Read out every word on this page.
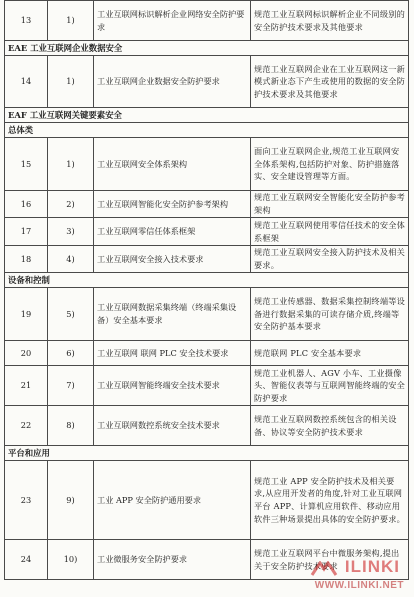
13	1)	工业互联网标识解析企业网络安全防护要求	规范工业互联网标识解析企业不同级别的安全防护技术要求及其他要求
EAE 工业互联网企业数据安全			
14	1)	工业互联网企业数据安全防护要求	规范工业互联网企业在工业互联网这一新模式新业态下产生或使用的数据的安全防护技术要求及其他要求
EAF 工业互联网关键要素安全			
总体类			
15	1)	工业互联网安全体系架构	面向工业互联网企业,规范工业互联网安全体系架构,包括防护对象、防护措施落实、安全建设管理等方面。
16	2)	工业互联网智能化安全防护参考架构	规范工业互联网安全智能化安全防护参考架构
17	3)	工业互联网零信任体系框架	规范工业互联网使用零信任技术的安全体系框架
18	4)	工业互联网安全接入技术要求	规范工业互联网安全接入防护技术及相关要求。
设备和控制			
19	5)	工业互联网数据采集终端（终端采集设备）安全基本要求	规范工业传感器、数据采集控制终端等设备进行数据采集的可读存储介质,终端等安全防护基本要求
20	6)	工业互联网 联网 PLC 安全技术要求	规范联网 PLC 安全基本要求
21	7)	工业互联网智能终端安全技术要求	规范工业机器人、AGV 小车、工业摄像头、智能仪表等与互联网智能终端的安全防护要求
22	8)	工业互联网数控系统安全技术要求	规范工业互联网数控系统包含的相关设备、协议等安全防护技术要求
平台和应用			
23	9)	工业 APP 安全防护通用要求	规范工业 APP 安全防护技术及相关要求,从应用开发者的角度,针对工业互联网平台 APP、计算机应用软件、移动应用软件三种场景提出具体的安全防护要求。
24	10)	工业微服务安全防护要求	规范工业互联网平台中微服务架构,提出关于安全防护技术要求 ILINKI
WWW.ILINKI.NET
